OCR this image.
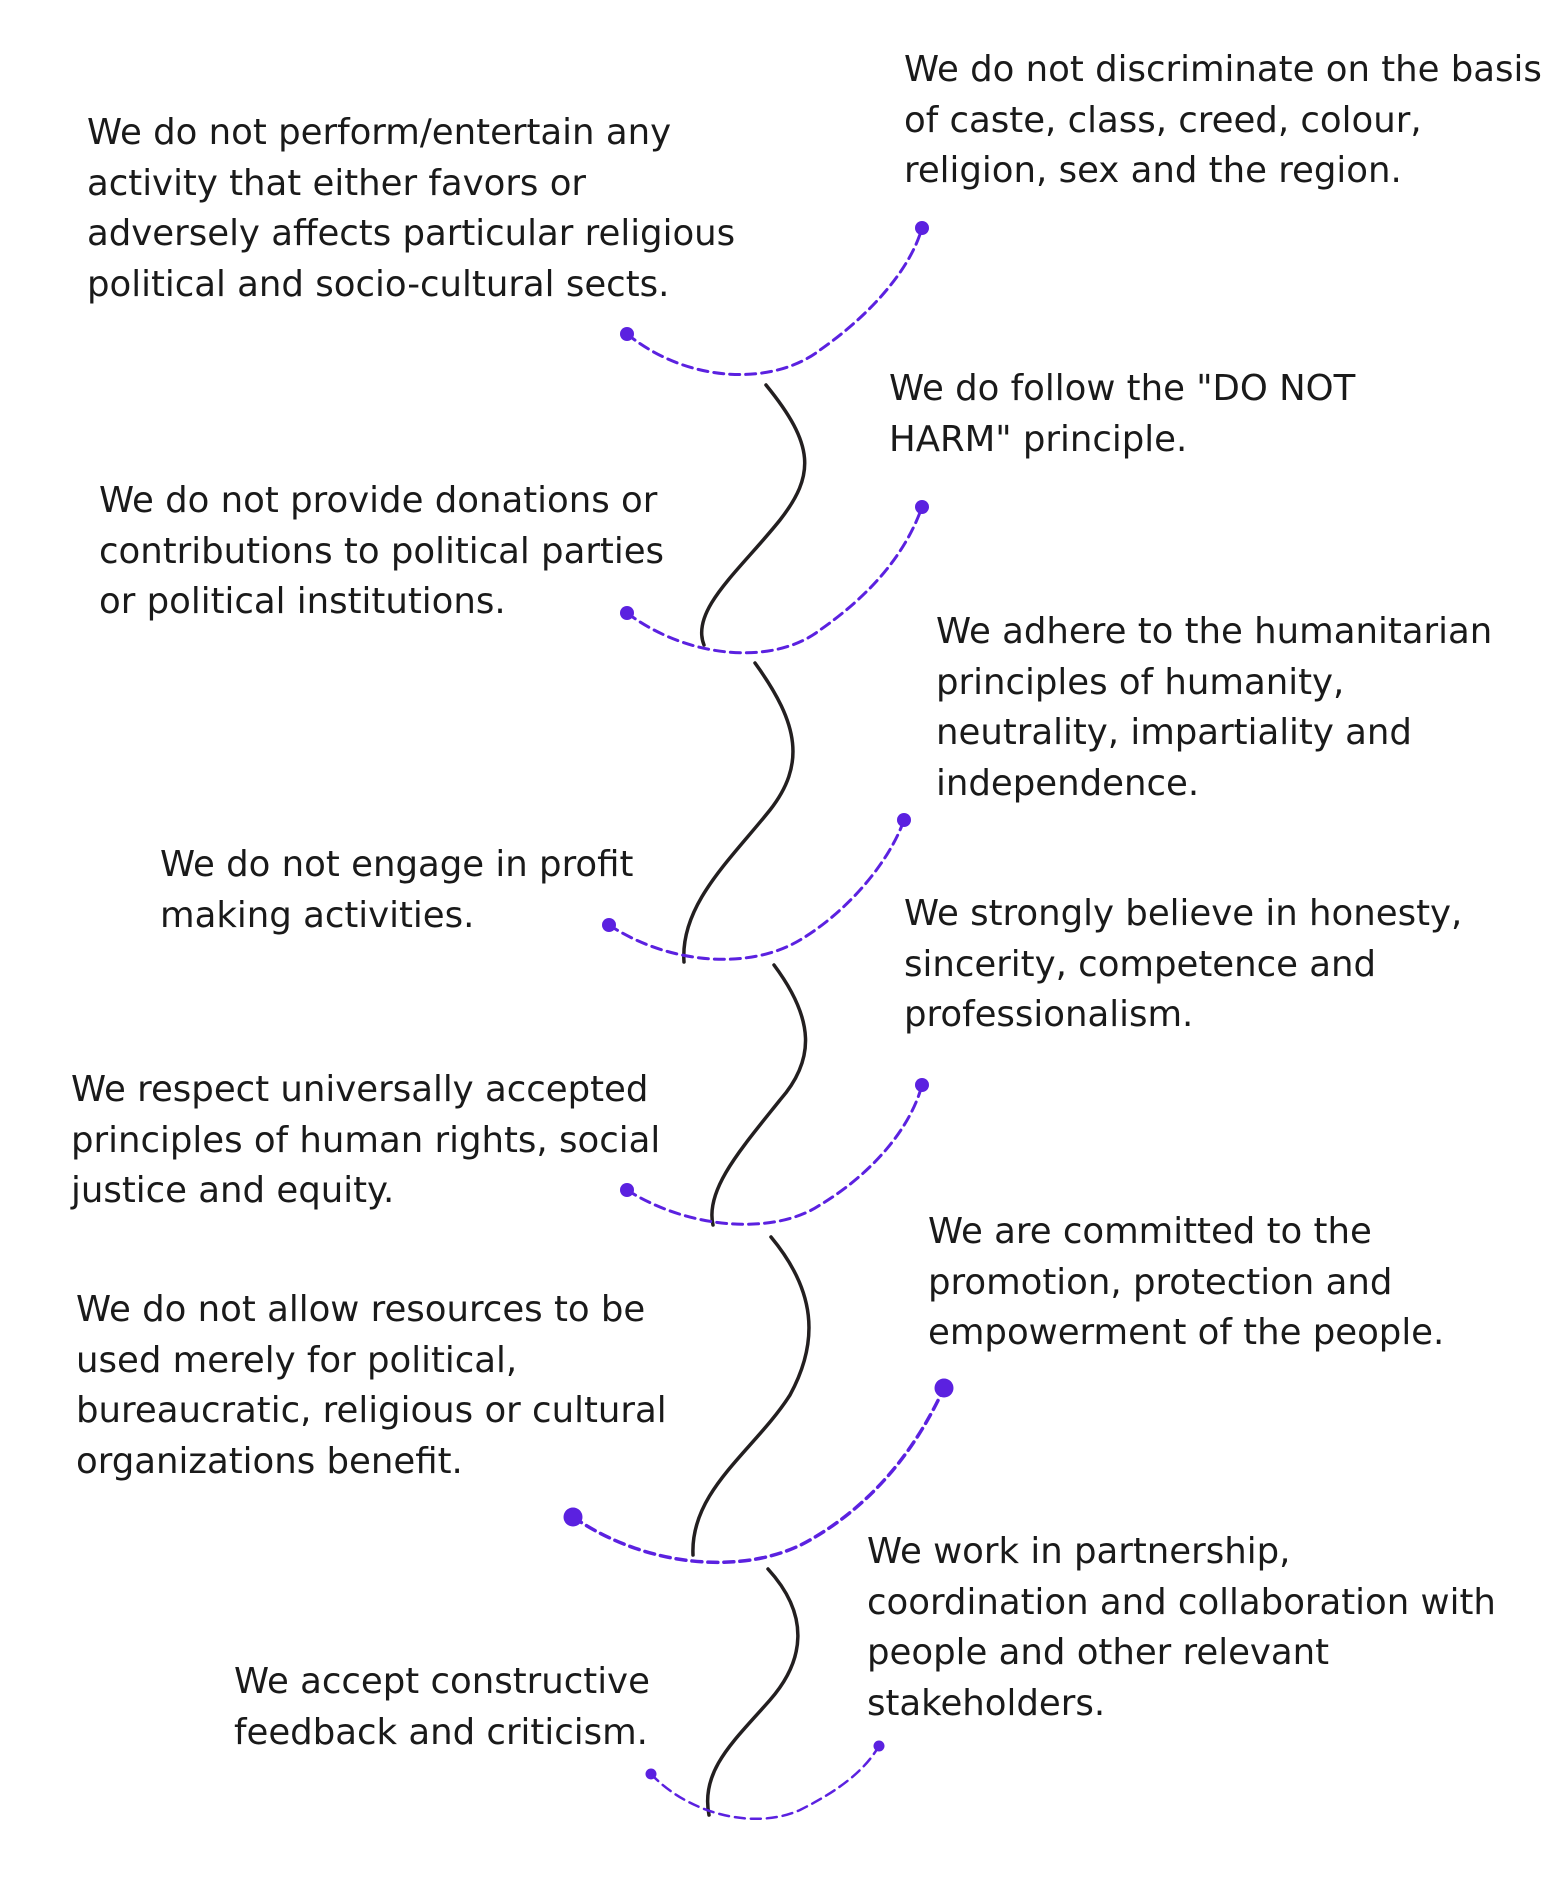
We do not perform/entertain any activity that either favors or adversely affects particular religious political and socio-cultural sects.

We do not discriminate on the basis of caste, class, creed, colour, religion, sex and the region.

We do not provide donations or contributions to political parties or political institutions.

We do follow the "DO NOT HARM" principle.

We do not engage in profit making activities.

We adhere to the humanitarian principles of humanity, neutrality, impartiality and independence.

We respect universally accepted principles of human rights, social justice and equity.

We strongly believe in honesty, sincerity, competence and professionalism.

We do not allow resources to be used merely for political, bureaucratic, religious or cultural organizations benefit.

We are committed to the promotion, protection and empowerment of the people.

We accept constructive feedback and criticism.

We work in partnership, coordination and collaboration with people and other relevant stakeholders.
